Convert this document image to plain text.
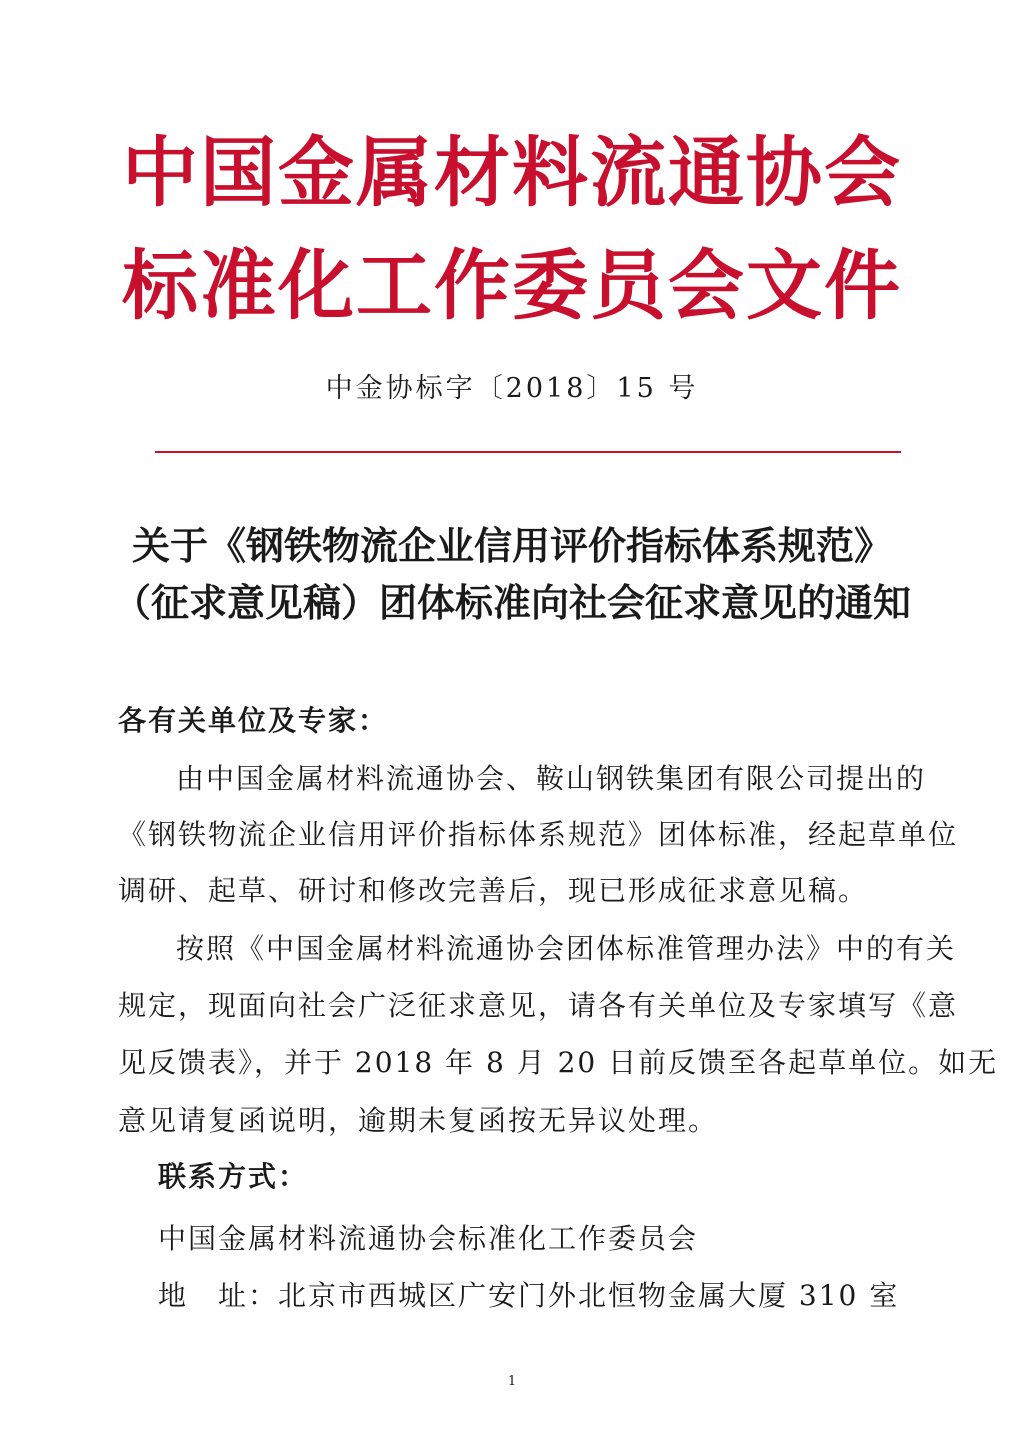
中国金属材料流通协会
标准化工作委员会文件
中金协标字〔2018〕15 号
关于《钢铁物流企业信用评价指标体系规范》
（征求意见稿）团体标准向社会征求意见的通知
各有关单位及专家：
由中国金属材料流通协会、鞍山钢铁集团有限公司提出的
《钢铁物流企业信用评价指标体系规范》团体标准，经起草单位
调研、起草、研讨和修改完善后，现已形成征求意见稿。
按照《中国金属材料流通协会团体标准管理办法》中的有关
规定，现面向社会广泛征求意见，请各有关单位及专家填写《意
见反馈表》，并于 2018 年 8 月 20 日前反馈至各起草单位。如无
意见请复函说明，逾期未复函按无异议处理。
联系方式：
中国金属材料流通协会标准化工作委员会
地　址：北京市西城区广安门外北恒物金属大厦 310 室
1
